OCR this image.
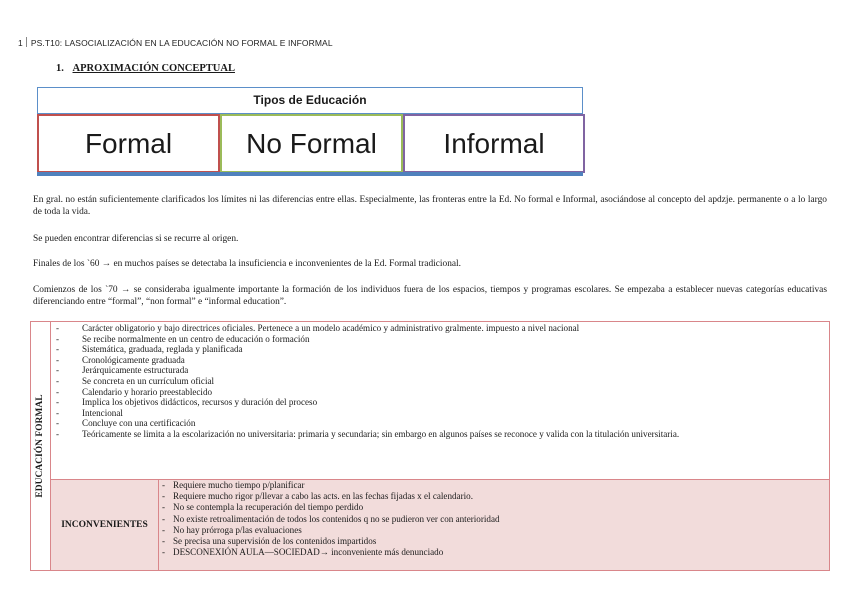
1 PS.T10: LASOCIALIZACIÓN EN LA EDUCACIÓN NO FORMAL E INFORMAL
1. APROXIMACIÓN CONCEPTUAL
Tipos de Educación
Formal	No Formal	Informal
En gral. no están suficientemente clarificados los límites ni las diferencias entre ellas. Especialmente, las fronteras entre la Ed. No formal e Informal, asociándose al concepto del apdzje. permanente o a lo largo de toda la vida.
Se pueden encontrar diferencias si se recurre al origen.
Finales de los `60 → en muchos países se detectaba la insuficiencia e inconvenientes de la Ed. Formal tradicional.
Comienzos de los `70 → se consideraba igualmente importante la formación de los individuos fuera de los espacios, tiempos y programas escolares. Se empezaba a establecer nuevas categorías educativas diferenciando entre “formal”, “non formal” e “informal education”.
EDUCACIÓN FORMAL
-	Carácter obligatorio y bajo directrices oficiales. Pertenece a un modelo académico y administrativo gralmente. impuesto a nivel nacional
-	Se recibe normalmente en un centro de educación o formación
-	Sistemática, graduada, reglada y planificada
-	Cronológicamente graduada
-	Jerárquicamente estructurada
-	Se concreta en un currículum oficial
-	Calendario y horario preestablecido
-	Implica los objetivos didácticos, recursos y duración del proceso
-	Intencional
-	Concluye con una certificación
-	Teóricamente se limita a la escolarización no universitaria: primaria y secundaria; sin embargo en algunos países se reconoce y valida con la titulación universitaria.
INCONVENIENTES
- Requiere mucho tiempo p/planificar
- Requiere mucho rigor p/llevar a cabo las acts. en las fechas fijadas x el calendario.
- No se contempla la recuperación del tiempo perdido
- No existe retroalimentación de todos los contenidos q no se pudieron ver con anterioridad
- No hay prórroga p/las evaluaciones
- Se precisa una supervisión de los contenidos impartidos
- DESCONEXIÓN AULA—SOCIEDAD→ inconveniente más denunciado
